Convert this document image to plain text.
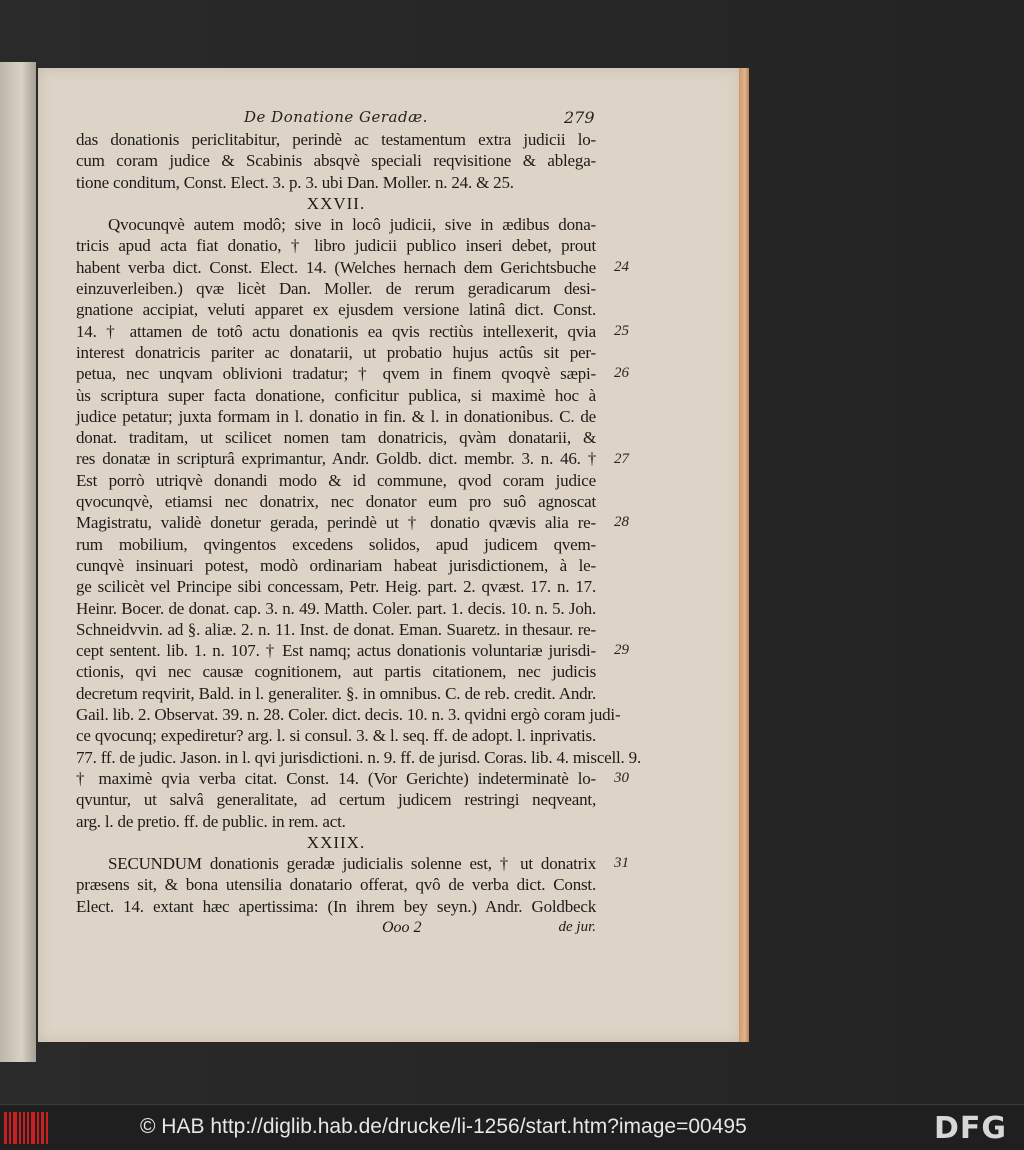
De Donatione Geradæ.	279
das donationis periclitabitur, perindè ac testamentum extra judicii lo-
cum coram judice & Scabinis absqvè speciali reqvisitione & ablega-
tione conditum, Const. Elect. 3. p. 3. ubi Dan. Moller. n. 24. & 25.
XXVII.
Qvocunqvè autem modô; sive in locô judicii, sive in ædibus dona-
tricis apud acta fiat donatio, † libro judicii publico inseri debet, prout
habent verba dict. Const. Elect. 14. (Welches hernach dem Gerichtsbuche
einzuverleiben.) qvæ licèt Dan. Moller. de rerum geradicarum desi-
gnatione accipiat, veluti apparet ex ejusdem versione latinâ dict. Const.
14. † attamen de totô actu donationis ea qvis rectiùs intellexerit, qvia
interest donatricis pariter ac donatarii, ut probatio hujus actûs sit per-
petua, nec unqvam oblivioni tradatur; † qvem in finem qvoqvè sæpi-
ùs scriptura super facta donatione, conficitur publica, si maximè hoc à
judice petatur; juxta formam in l. donatio in fin. & l. in donationibus. C. de
donat. traditam, ut scilicet nomen tam donatricis, qvàm donatarii, &
res donatæ in scripturâ exprimantur, Andr. Goldb. dict. membr. 3. n. 46. †
Est porrò utriqvè donandi modo & id commune, qvod coram judice
qvocunqvè, etiamsi nec donatrix, nec donator eum pro suô agnoscat
Magistratu, validè donetur gerada, perindè ut † donatio qvævis alia re-
rum mobilium, qvingentos excedens solidos, apud judicem qvem-
cunqvè insinuari potest, modò ordinariam habeat jurisdictionem, à le-
ge scilicèt vel Principe sibi concessam, Petr. Heig. part. 2. qvæst. 17. n. 17.
Heinr. Bocer. de donat. cap. 3. n. 49. Matth. Coler. part. 1. decis. 10. n. 5. Joh.
Schneidvvin. ad §. aliæ. 2. n. 11. Inst. de donat. Eman. Suaretz. in thesaur. re-
cept sentent. lib. 1. n. 107. † Est namq; actus donationis voluntariæ jurisdi-
ctionis, qvi nec causæ cognitionem, aut partis citationem, nec judicis
decretum reqvirit, Bald. in l. generaliter. §. in omnibus. C. de reb. credit. Andr.
Gail. lib. 2. Observat. 39. n. 28. Coler. dict. decis. 10. n. 3. qvidni ergò coram judi-
ce qvocunq; expediretur? arg. l. si consul. 3. & l. seq. ff. de adopt. l. inprivatis.
77. ff. de judic. Jason. in l. qvi jurisdictioni. n. 9. ff. de jurisd. Coras. lib. 4. miscell. 9.
† maximè qvia verba citat. Const. 14. (Vor Gerichte) indeterminatè lo-
qvuntur, ut salvâ generalitate, ad certum judicem restringi neqveant,
arg. l. de pretio. ff. de public. in rem. act.
XXIIX.
SECUNDUM donationis geradæ judicialis solenne est, † ut donatrix
præsens sit, & bona utensilia donatario offerat, qvô de verba dict. Const.
Elect. 14. extant hæc apertissima: (In ihrem bey seyn.) Andr. Goldbeck
Ooo 2	de jur.
24
25
26
27
28
29
30
31
© HAB http://diglib.hab.de/drucke/li-1256/start.htm?image=00495	DFG
